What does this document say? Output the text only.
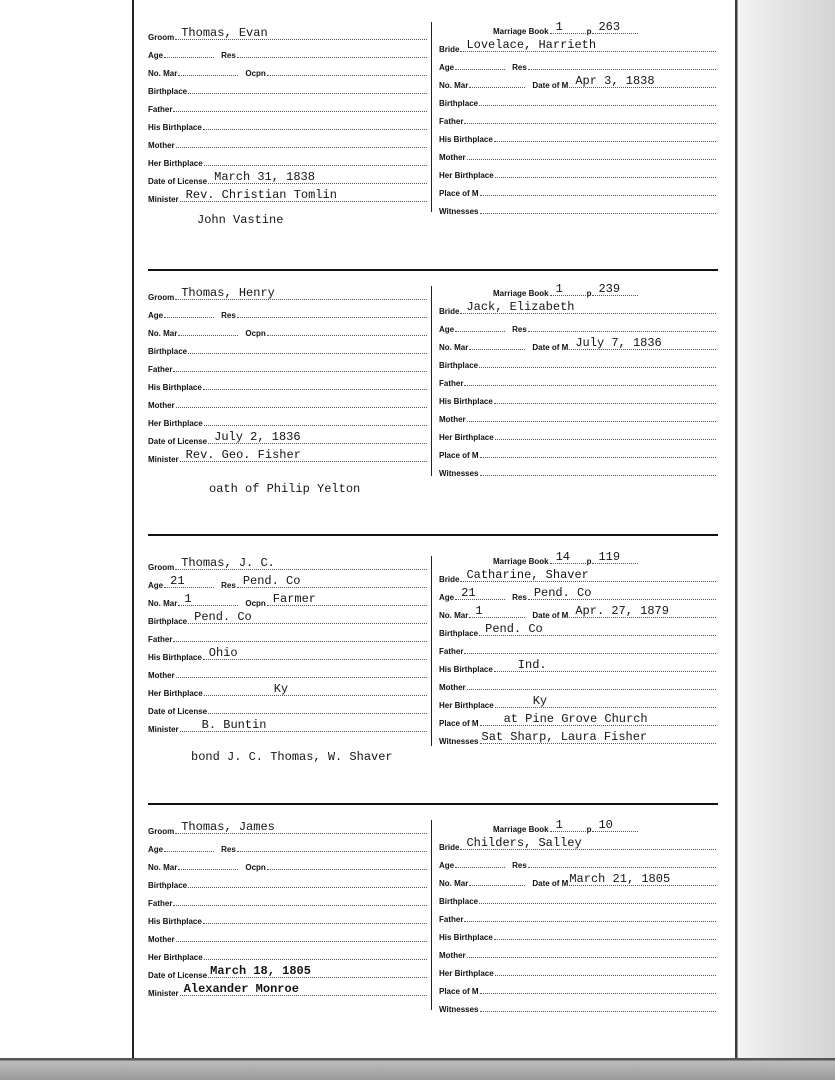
Groom Thomas, Evan
Age	Res
No. Mar	Ocpn
Birthplace
Father
His Birthplace
Mother
Her Birthplace
Date of License March 31, 1838
Minister Rev. Christian Tomlin
John Vastine
Marriage Book 1	p 263
Bride Lovelace, Harrieth
Age	Res
No. Mar	Date of M Apr 3, 1838
Birthplace
Father
His Birthplace
Mother
Her Birthplace
Place of M
Witnesses
Groom Thomas, Henry
Age	Res
No. Mar	Ocpn
Birthplace
Father
His Birthplace
Mother
Her Birthplace
Date of License July 2, 1836
Minister Rev. Geo. Fisher
oath of Philip Yelton
Marriage Book 1	p 239
Bride Jack, Elizabeth
Age	Res
No. Mar	Date of M July 7, 1836
Birthplace
Father
His Birthplace
Mother
Her Birthplace
Place of M
Witnesses
Groom Thomas, J. C.
Age 21	Res Pend. Co
No. Mar 1	Ocpn Farmer
Birthplace Pend. Co
Father
His Birthplace Ohio
Mother
Her Birthplace	Ky
Date of License
Minister B. Buntin
bond J. C. Thomas, W. Shaver
Marriage Book 14 p 119
Bride Catharine, Shaver
Age 21	Res Pend. Co
No. Mar 1	Date of M Apr. 27, 1879
Birthplace Pend. Co
Father
His Birthplace Ind.
Mother
Her Birthplace	Ky
Place of M at Pine Grove Church
Witnesses Sat Sharp, Laura Fisher
Groom Thomas, James
Age	Res
No. Mar	Ocpn
Birthplace
Father
His Birthplace
Mother
Her Birthplace
Date of License March 18, 1805
Minister Alexander Monroe
Marriage Book 1	p 10
Bride Childers, Salley
Age	Res
No. Mar	Date of M March 21, 1805
Birthplace
Father
His Birthplace
Mother
Her Birthplace
Place of M
Witnesses
